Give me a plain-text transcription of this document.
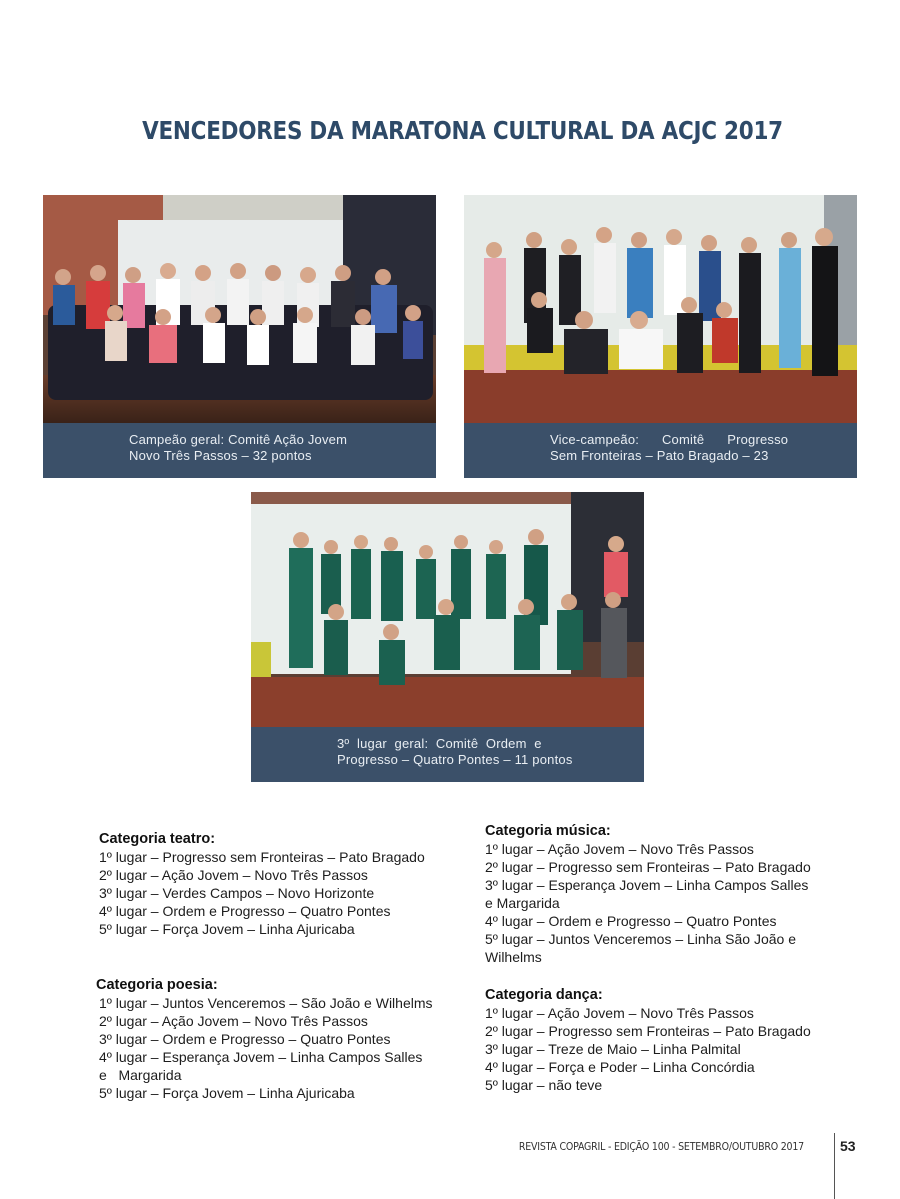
VENCEDORES DA MARATONA CULTURAL DA ACJC 2017
Campeão geral: Comitê Ação Jovem
Novo Três Passos – 32 pontos
Vice-campeão:      Comitê      Progresso
Sem Fronteiras – Pato Bragado – 23
3º  lugar  geral:  Comitê  Ordem  e
Progresso – Quatro Pontes – 11 pontos
Categoria teatro:
1º lugar – Progresso sem Fronteiras – Pato Bragado
2º lugar – Ação Jovem – Novo Três Passos
3º lugar – Verdes Campos – Novo Horizonte
4º lugar – Ordem e Progresso – Quatro Pontes
5º lugar – Força Jovem – Linha Ajuricaba
Categoria poesia:
1º lugar – Juntos Venceremos – São João e Wilhelms
2º lugar – Ação Jovem – Novo Três Passos
3º lugar – Ordem e Progresso – Quatro Pontes
4º lugar – Esperança Jovem – Linha Campos Salles
e   Margarida
5º lugar – Força Jovem – Linha Ajuricaba
Categoria música:
1º lugar – Ação Jovem – Novo Três Passos
2º lugar – Progresso sem Fronteiras – Pato Bragado
3º lugar – Esperança Jovem – Linha Campos Salles
e Margarida
4º lugar – Ordem e Progresso – Quatro Pontes
5º lugar – Juntos Venceremos – Linha São João e
Wilhelms
Categoria dança:
1º lugar – Ação Jovem – Novo Três Passos
2º lugar – Progresso sem Fronteiras – Pato Bragado
3º lugar – Treze de Maio – Linha Palmital
4º lugar – Força e Poder – Linha Concórdia
5º lugar – não teve
REVISTA COPAGRIL - EDIÇÃO 100 - SETEMBRO/OUTUBRO 2017	53
